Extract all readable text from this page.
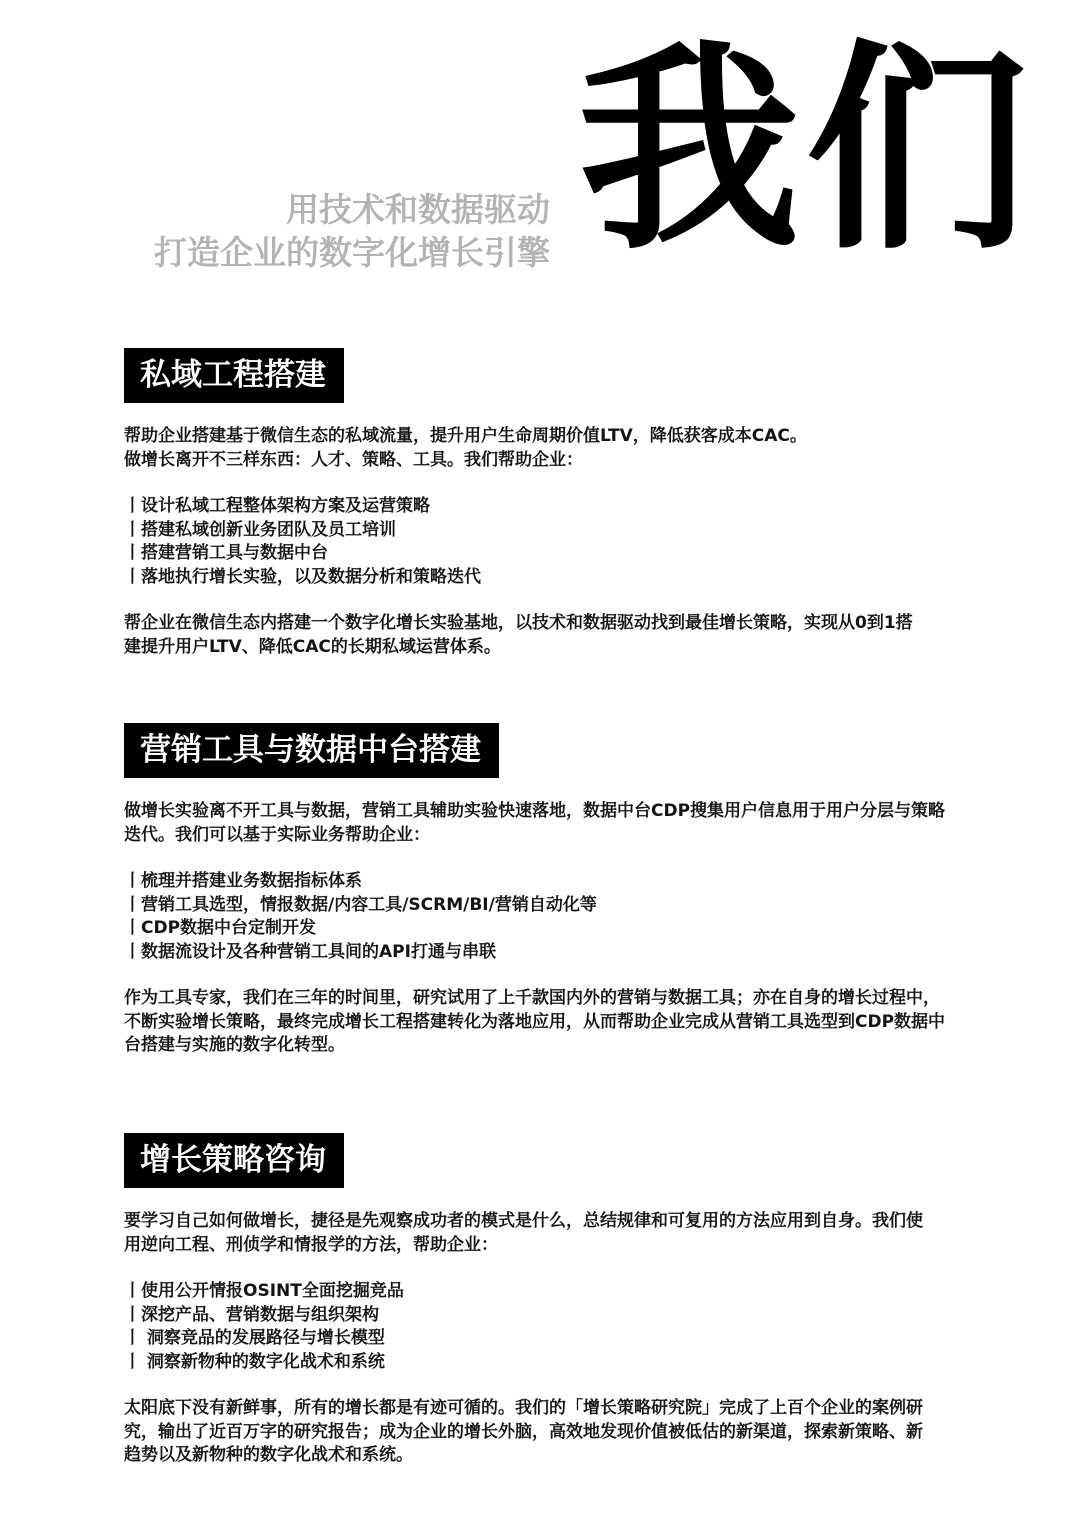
我们
用技术和数据驱动
打造企业的数字化增长引擎
私域工程搭建

帮助企业搭建基于微信生态的私域流量，提升用户生命周期价值LTV，降低获客成本CAC。

做增长离开不三样东西：人才、策略、工具。我们帮助企业：

丨设计私域工程整体架构方案及运营策略
丨搭建私域创新业务团队及员工培训
丨搭建营销工具与数据中台
丨落地执行增长实验，以及数据分析和策略迭代

帮企业在微信生态内搭建一个数字化增长实验基地，以技术和数据驱动找到最佳增长策略，实现从0到1搭

建提升用户LTV、降低CAC的长期私域运营体系。

营销工具与数据中台搭建

做增长实验离不开工具与数据，营销工具辅助实验快速落地，数据中台CDP搜集用户信息用于用户分层与策略

迭代。我们可以基于实际业务帮助企业：

丨梳理并搭建业务数据指标体系
丨营销工具选型，情报数据/内容工具/SCRM/BI/营销自动化等
丨CDP数据中台定制开发
丨数据流设计及各种营销工具间的API打通与串联

作为工具专家，我们在三年的时间里，研究试用了上千款国内外的营销与数据工具；亦在自身的增长过程中，

不断实验增长策略，最终完成增长工程搭建转化为落地应用，从而帮助企业完成从营销工具选型到CDP数据中

台搭建与实施的数字化转型。

增长策略咨询

要学习自己如何做增长，捷径是先观察成功者的模式是什么，总结规律和可复用的方法应用到自身。我们使

用逆向工程、刑侦学和情报学的方法，帮助企业：

丨使用公开情报OSINT全面挖掘竞品
丨深挖产品、营销数据与组织架构
丨 洞察竞品的发展路径与增长模型
丨 洞察新物种的数字化战术和系统

太阳底下没有新鲜事，所有的增长都是有迹可循的。我们的「增长策略研究院」完成了上百个企业的案例研

究，输出了近百万字的研究报告；成为企业的增长外脑，高效地发现价值被低估的新渠道，探索新策略、新

趋势以及新物种的数字化战术和系统。
